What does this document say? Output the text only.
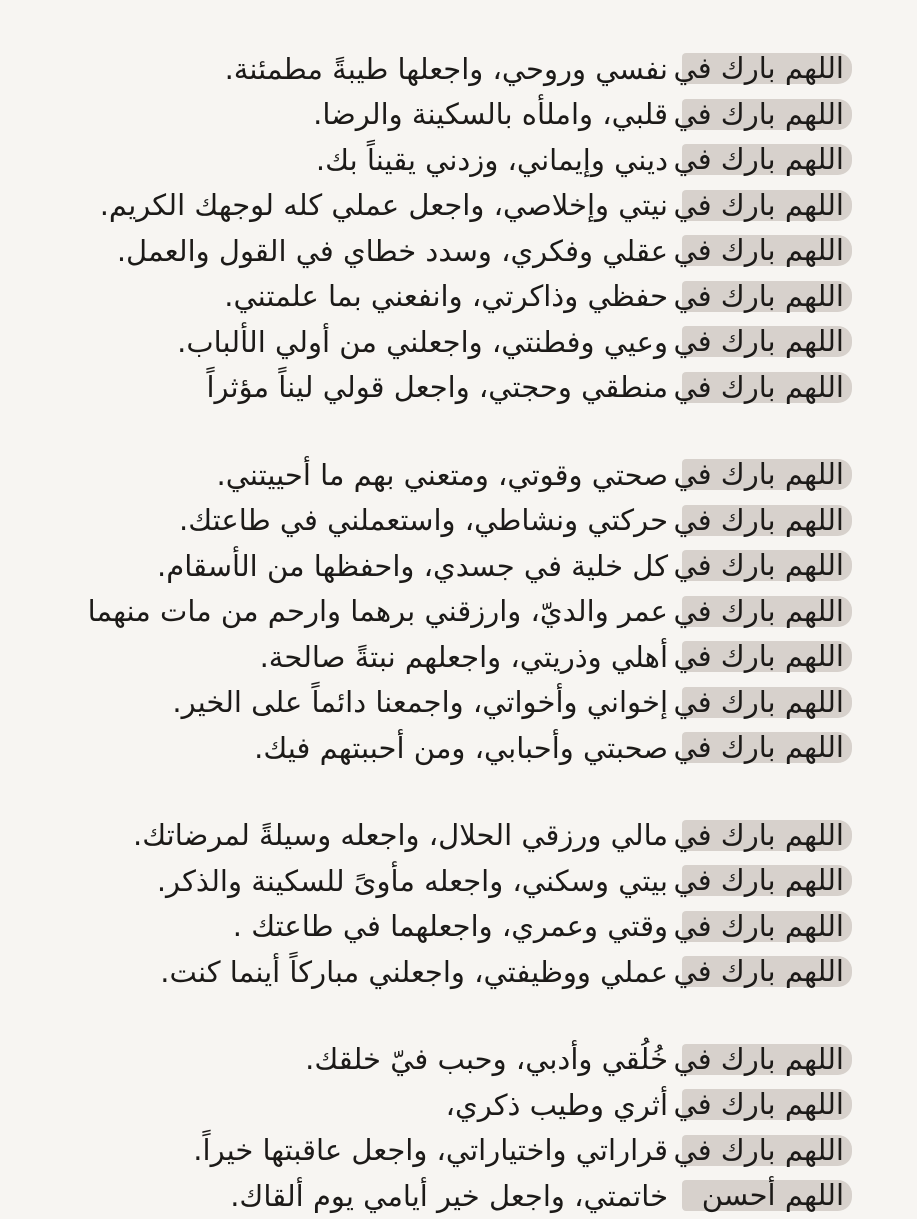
اللهم بارك في
نفسي وروحي، واجعلها طيبةً مطمئنة.
اللهم بارك في
قلبي، واملأه بالسكينة والرضا.
اللهم بارك في
ديني وإيماني، وزدني يقيناً بك.
اللهم بارك في
نيتي وإخلاصي، واجعل عملي كله لوجهك الكريم.
اللهم بارك في
عقلي وفكري، وسدد خطاي في القول والعمل.
اللهم بارك في
حفظي وذاكرتي، وانفعني بما علمتني.
اللهم بارك في
وعيي وفطنتي، واجعلني من أولي الألباب.
اللهم بارك في
منطقي وحجتي، واجعل قولي ليناً مؤثراً
اللهم بارك في
صحتي وقوتي، ومتعني بهم ما أحييتني.
اللهم بارك في
حركتي ونشاطي، واستعملني في طاعتك.
اللهم بارك في
كل خلية في جسدي، واحفظها من الأسقام.
اللهم بارك في
عمر والديّ، وارزقني برهما وارحم من مات منهما
اللهم بارك في
أهلي وذريتي، واجعلهم نبتةً صالحة.
اللهم بارك في
إخواني وأخواتي، واجمعنا دائماً على الخير.
اللهم بارك في
صحبتي وأحبابي، ومن أحببتهم فيك.
اللهم بارك في
مالي ورزقي الحلال، واجعله وسيلةً لمرضاتك.
اللهم بارك في
بيتي وسكني، واجعله مأوىً للسكينة والذكر.
اللهم بارك في
وقتي وعمري، واجعلهما في طاعتك .
اللهم بارك في
عملي ووظيفتي، واجعلني مباركاً أينما كنت.
اللهم بارك في
خُلُقي وأدبي، وحبب فيّ خلقك.
اللهم بارك في
أثري وطيب ذكري،
اللهم بارك في
قراراتي واختياراتي، واجعل عاقبتها خيراً.
اللهم أحسن
خاتمتي، واجعل خير أيامي يوم ألقاك.
